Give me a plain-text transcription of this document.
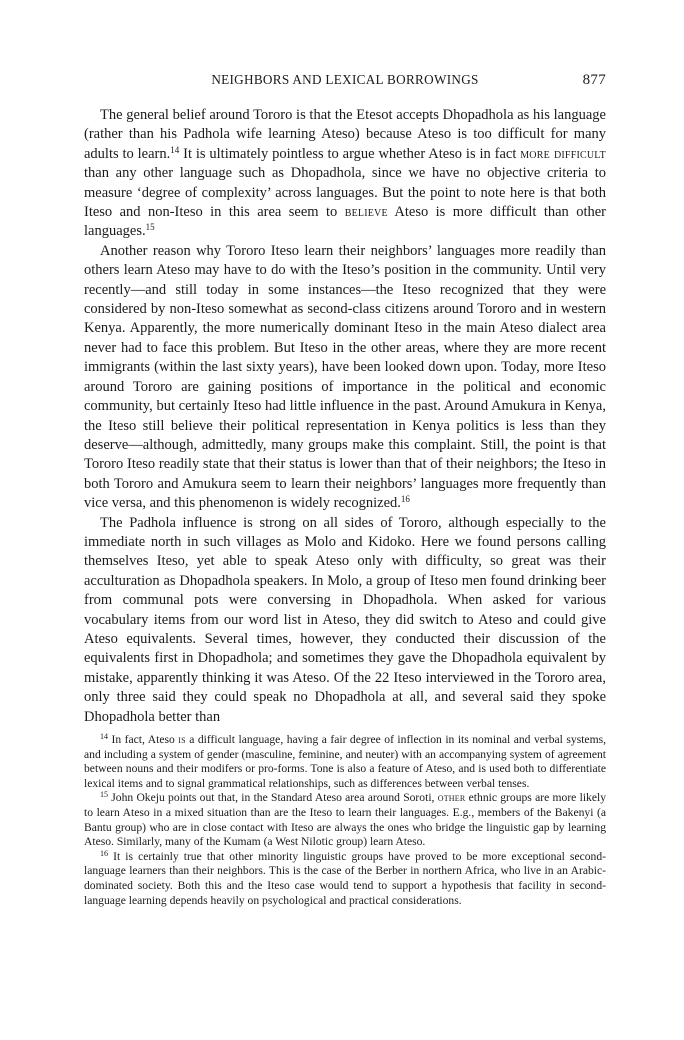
NEIGHBORS AND LEXICAL BORROWINGS	877

The general belief around Tororo is that the Etesot accepts Dhopadhola as his language (rather than his Padhola wife learning Ateso) because Ateso is too difficult for many adults to learn.$^{14}$ It is ultimately pointless to argue whether Ateso is in fact more difficult than any other language such as Dhopadhola, since we have no objective criteria to measure ‘degree of complexity’ across languages. But the point to note here is that both Iteso and non-Iteso in this area seem to believe Ateso is more difficult than other languages.$^{15}$

Another reason why Tororo Iteso learn their neighbors’ languages more readily than others learn Ateso may have to do with the Iteso’s position in the community. Until very recently—and still today in some instances—the Iteso recognized that they were considered by non-Iteso somewhat as second-class citizens around Tororo and in western Kenya. Apparently, the more numerically dominant Iteso in the main Ateso dialect area never had to face this problem. But Iteso in the other areas, where they are more recent immigrants (within the last sixty years), have been looked down upon. Today, more Iteso around Tororo are gaining positions of importance in the political and economic community, but certainly Iteso had little influence in the past. Around Amukura in Kenya, the Iteso still believe their political representation in Kenya politics is less than they deserve—although, admittedly, many groups make this complaint. Still, the point is that Tororo Iteso readily state that their status is lower than that of their neighbors; the Iteso in both Tororo and Amukura seem to learn their neighbors’ languages more frequently than vice versa, and this phenomenon is widely recognized.$^{16}$

The Padhola influence is strong on all sides of Tororo, although especially to the immediate north in such villages as Molo and Kidoko. Here we found persons calling themselves Iteso, yet able to speak Ateso only with difficulty, so great was their acculturation as Dhopadhola speakers. In Molo, a group of Iteso men found drinking beer from communal pots were conversing in Dhopadhola. When asked for various vocabulary items from our word list in Ateso, they did switch to Ateso and could give Ateso equivalents. Several times, however, they conducted their discussion of the equivalents first in Dhopadhola; and sometimes they gave the Dhopadhola equivalent by mistake, apparently thinking it was Ateso. Of the 22 Iteso interviewed in the Tororo area, only three said they could speak no Dhopadhola at all, and several said they spoke Dhopadhola better than

$^{14}$ In fact, Ateso is a difficult language, having a fair degree of inflection in its nominal and verbal systems, and including a system of gender (masculine, feminine, and neuter) with an accompanying system of agreement between nouns and their modifers or pro-forms. Tone is also a feature of Ateso, and is used both to differentiate lexical items and to signal grammatical relationships, such as differences between verbal tenses.

$^{15}$ John Okeju points out that, in the Standard Ateso area around Soroti, other ethnic groups are more likely to learn Ateso in a mixed situation than are the Iteso to learn their languages. E.g., members of the Bakenyi (a Bantu group) who are in close contact with Iteso are always the ones who bridge the linguistic gap by learning Ateso. Similarly, many of the Kumam (a West Nilotic group) learn Ateso.

$^{16}$ It is certainly true that other minority linguistic groups have proved to be more exceptional second-language learners than their neighbors. This is the case of the Berber in northern Africa, who live in an Arabic-dominated society. Both this and the Iteso case would tend to support a hypothesis that facility in second-language learning depends heavily on psychological and practical considerations.
